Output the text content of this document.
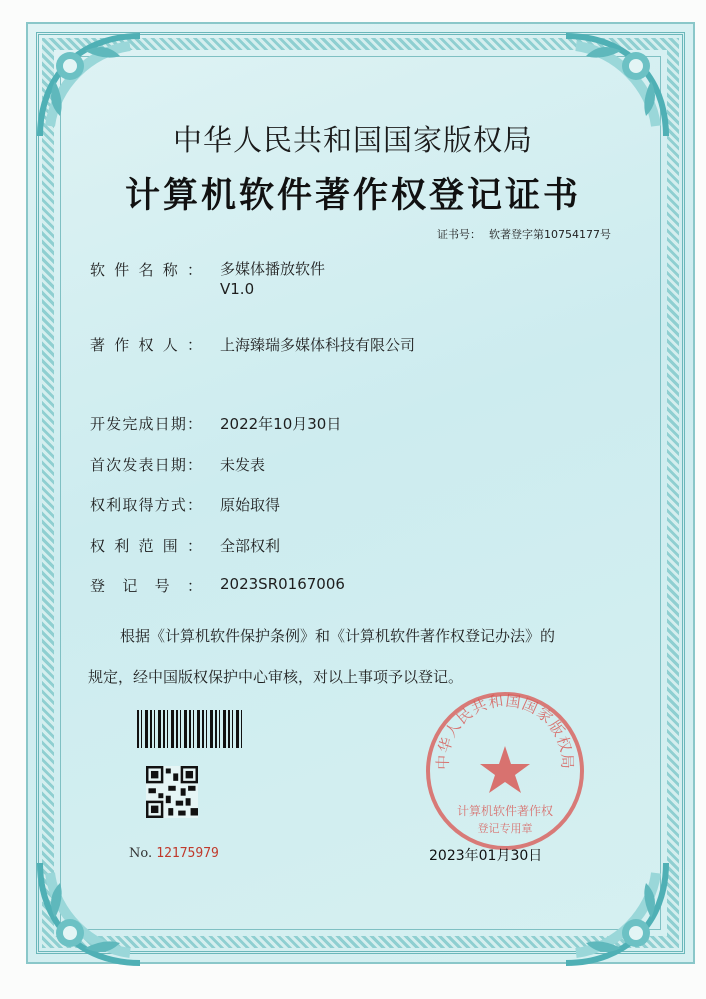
中华人民共和国国家版权局
计算机软件著作权登记证书
证书号： 软著登字第10754177号
软件名称： 多媒体播放软件
V1.0
著作权人： 上海臻瑞多媒体科技有限公司
开发完成日期： 2022年10月30日
首次发表日期： 未发表
权利取得方式： 原始取得
权利范围： 全部权利
登记号： 2023SR0167006
根据《计算机软件保护条例》和《计算机软件著作权登记办法》的
规定，经中国版权保护中心审核，对以上事项予以登记。
No. 12175979
中华人民共和国国家版权局
计算机软件著作权
登记专用章
2023年01月30日
